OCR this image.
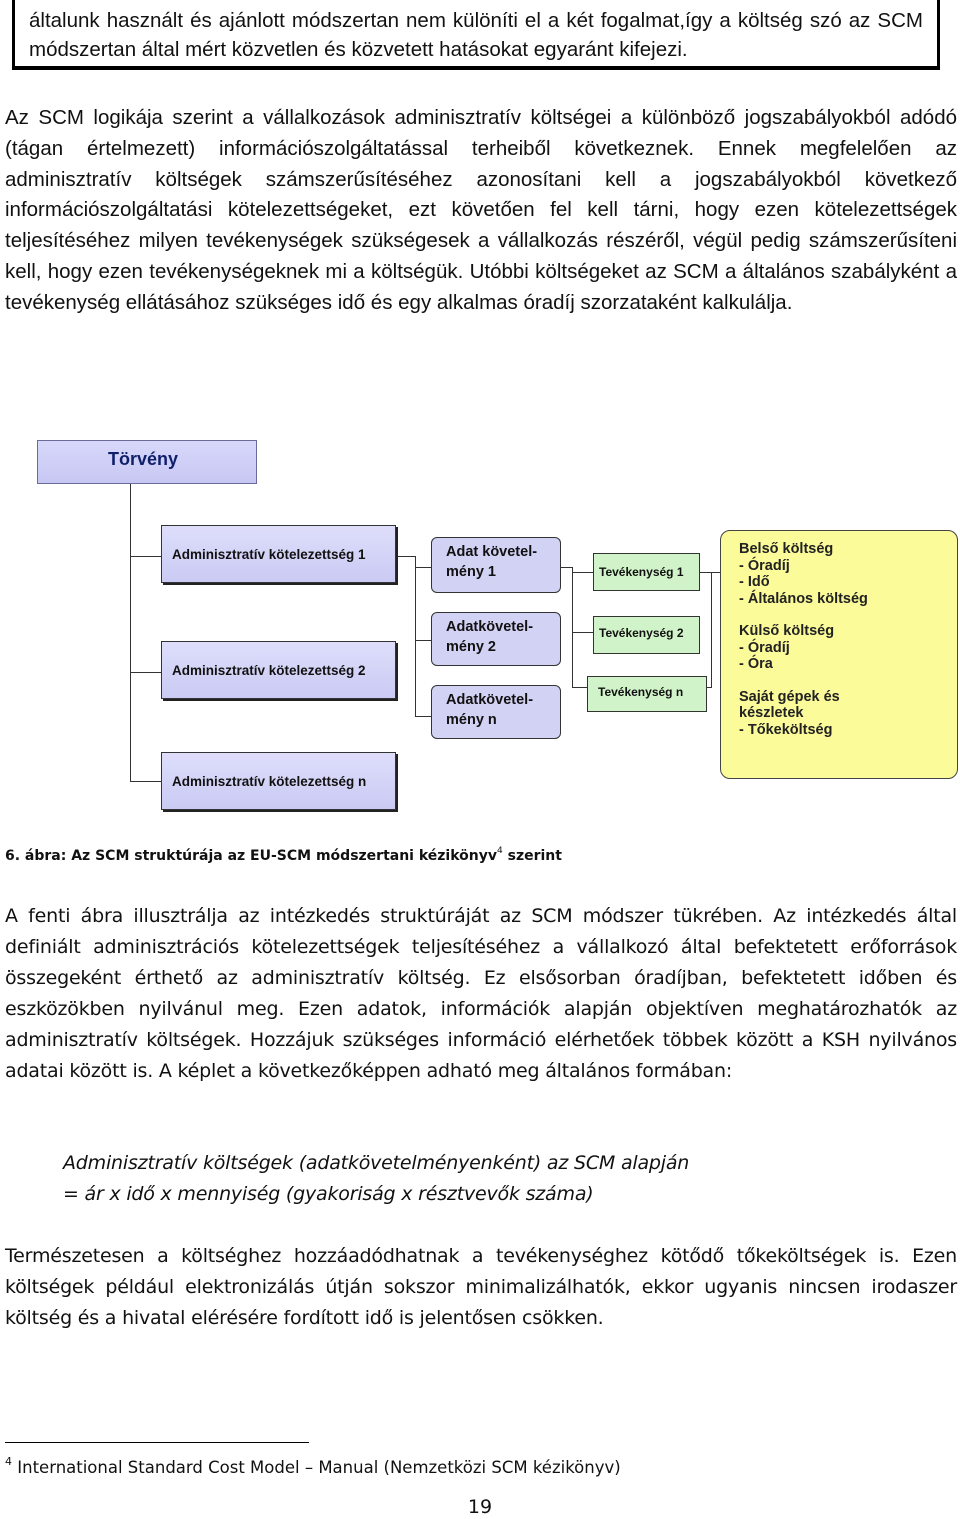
általunk használt és ajánlott módszertan nem különíti el a két fogalmat,így a költség szó az SCM módszertan által mért közvetlen és közvetett hatásokat egyaránt kifejezi.

Az SCM logikája szerint a vállalkozások adminisztratív költségei a különböző jogszabályokból adódó (tágan értelmezett) információszolgáltatással terheiből következnek. Ennek megfelelően az adminisztratív költségek számszerűsítéséhez azonosítani kell a jogszabályokból következő információszolgáltatási kötelezettségeket, ezt követően fel kell tárni, hogy ezen kötelezettségek teljesítéséhez milyen tevékenységek szükségesek a vállalkozás részéről, végül pedig számszerűsíteni kell, hogy ezen tevékenységeknek mi a költségük. Utóbbi költségeket az SCM a általános szabályként a tevékenység ellátásához szükséges idő és egy alkalmas óradíj szorzataként kalkulálja.

Törvény
Adminisztratív kötelezettség 1
Adminisztratív kötelezettség 2
Adminisztratív kötelezettség n
Adat követel-
mény 1
Adatkövetel-
mény 2
Adatkövetel-
mény n
Tevékenység 1
Tevékenység 2
Tevékenység n
Belső költség
- Óradíj
- Idő
- Általános költség
Külső költség
- Óradíj
- Óra
Saját gépek és
készletek
- Tőkeköltség
6. ábra: Az SCM struktúrája az EU-SCM módszertani kézikönyv$^4$ szerint

A fenti ábra illusztrálja az intézkedés struktúráját az SCM módszer tükrében. Az intézkedés által definiált adminisztrációs kötelezettségek teljesítéséhez a vállalkozó által befektetett erőforrások összegeként érthető az adminisztratív költség. Ez elsősorban óradíjban, befektetett időben és eszközökben nyilvánul meg. Ezen adatok, információk alapján objektíven meghatározhatók az adminisztratív költségek. Hozzájuk szükséges információ elérhetőek többek között a KSH nyilvános adatai között is. A képlet a következőképpen adható meg általános formában:

Adminisztratív költségek (adatkövetelményenként) az SCM alapján
= ár x idő x mennyiség (gyakoriság x résztvevők száma)

Természetesen a költséghez hozzáadódhatnak a tevékenységhez kötődő tőkeköltségek is. Ezen költségek például elektronizálás útján sokszor minimalizálhatók, ekkor ugyanis nincsen irodaszer költség és a hivatal elérésére fordított idő is jelentősen csökken.

$^4$ International Standard Cost Model – Manual (Nemzetközi SCM kézikönyv)
19
